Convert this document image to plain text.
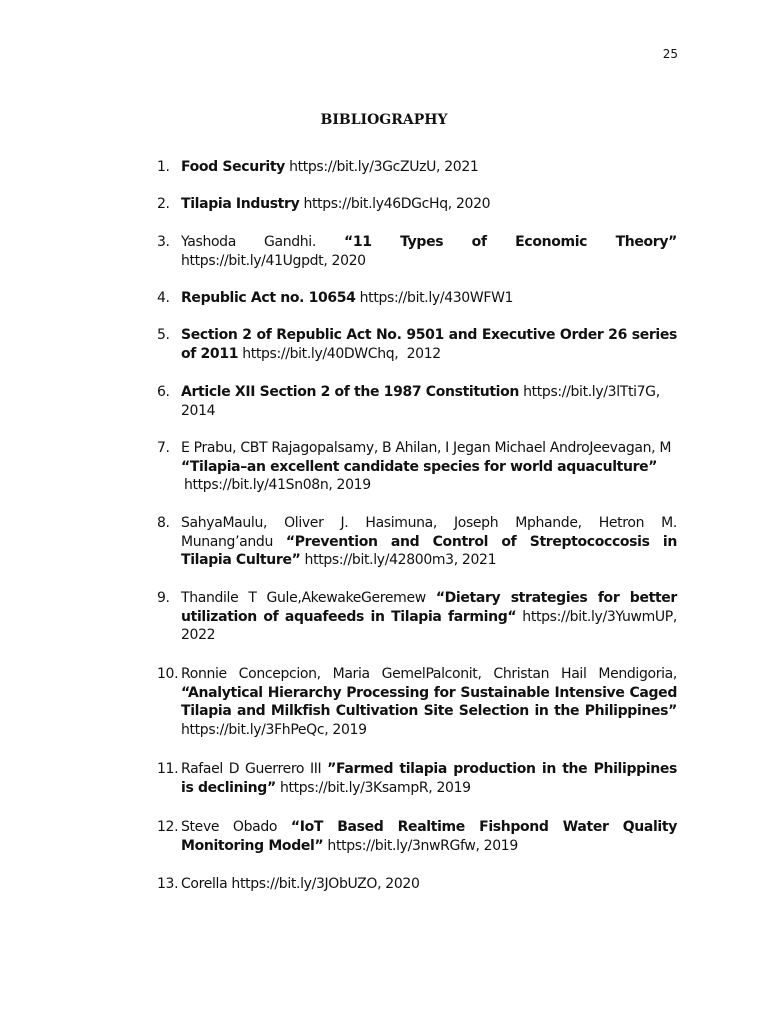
25
BIBLIOGRAPHY
1. Food Security https://bit.ly/3GcZUzU, 2021
2. Tilapia Industry https://bit.ly46DGcHq, 2020
3. Yashoda Gandhi. “11 Types of Economic Theory”
https://bit.ly/41Ugpdt, 2020
4. Republic Act no. 10654 https://bit.ly/430WFW1
5. Section 2 of Republic Act No. 9501 and Executive Order 26 series of 2011 https://bit.ly/40DWChq,  2012
6. Article XII Section 2 of the 1987 Constitution https://bit.ly/3lTti7G, 2014
7. E Prabu, CBT Rajagopalsamy, B Ahilan, I Jegan Michael AndroJeevagan, M “Tilapia–an excellent candidate species for world aquaculture”
https://bit.ly/41Sn08n, 2019
8. SahyaMaulu, Oliver J. Hasimuna, Joseph Mphande, Hetron M. Munang’andu “Prevention and Control of Streptococcosis in Tilapia Culture” https://bit.ly/42800m3, 2021
9. Thandile T Gule,AkewakeGeremew “Dietary strategies for better utilization of aquafeeds in Tilapia farming“ https://bit.ly/3YuwmUP, 2022
10. Ronnie Concepcion, Maria GemelPalconit, Christan Hail Mendigoria, “Analytical Hierarchy Processing for Sustainable Intensive Caged Tilapia and Milkfish Cultivation Site Selection in the Philippines” https://bit.ly/3FhPeQc, 2019
11. Rafael D Guerrero III ”Farmed tilapia production in the Philippines is declining” https://bit.ly/3KsampR, 2019
12. Steve Obado “IoT Based Realtime Fishpond Water Quality Monitoring Model” https://bit.ly/3nwRGfw, 2019
13. Corella https://bit.ly/3JObUZO, 2020
